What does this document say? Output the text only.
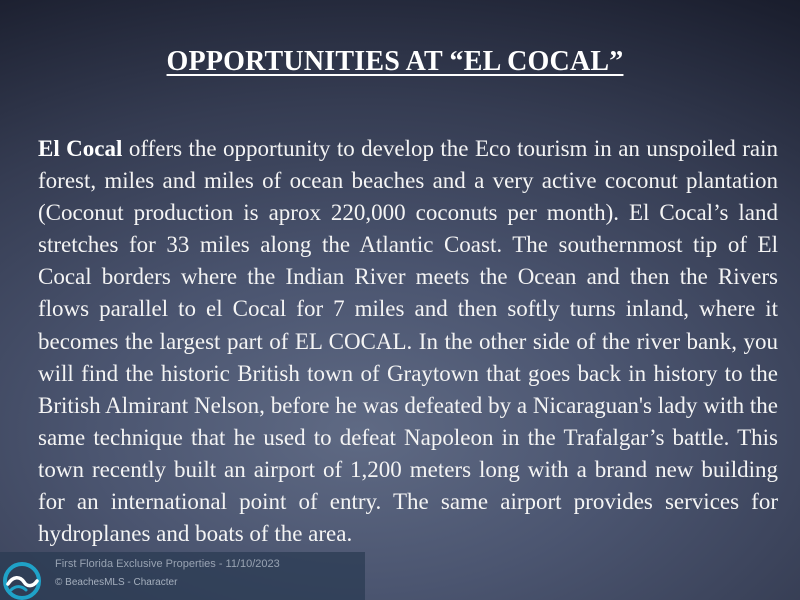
OPPORTUNITIES AT “EL COCAL”

El Cocal offers the opportunity to develop the Eco tourism in an unspoiled rain forest, miles and miles of ocean beaches and a very active coconut plantation (Coconut production is aprox 220,000 coconuts per month). El Cocal’s land stretches for 33 miles along the Atlantic Coast. The southernmost tip of El Cocal borders where the Indian River meets the Ocean and then the Rivers flows parallel to el Cocal for 7 miles and then softly turns inland, where it becomes the largest part of EL COCAL. In the other side of the river bank, you will find the historic British town of Graytown that goes back in history to the British Almirant Nelson, before he was defeated by a Nicaraguan's lady with the same technique that he used to defeat Napoleon in the Trafalgar’s battle. This town recently built an airport of 1,200 meters long with a brand new building for an international point of entry. The same airport provides services for hydroplanes and boats of the area.

First Florida Exclusive Properties - 11/10/2023
© BeachesMLS - Character
